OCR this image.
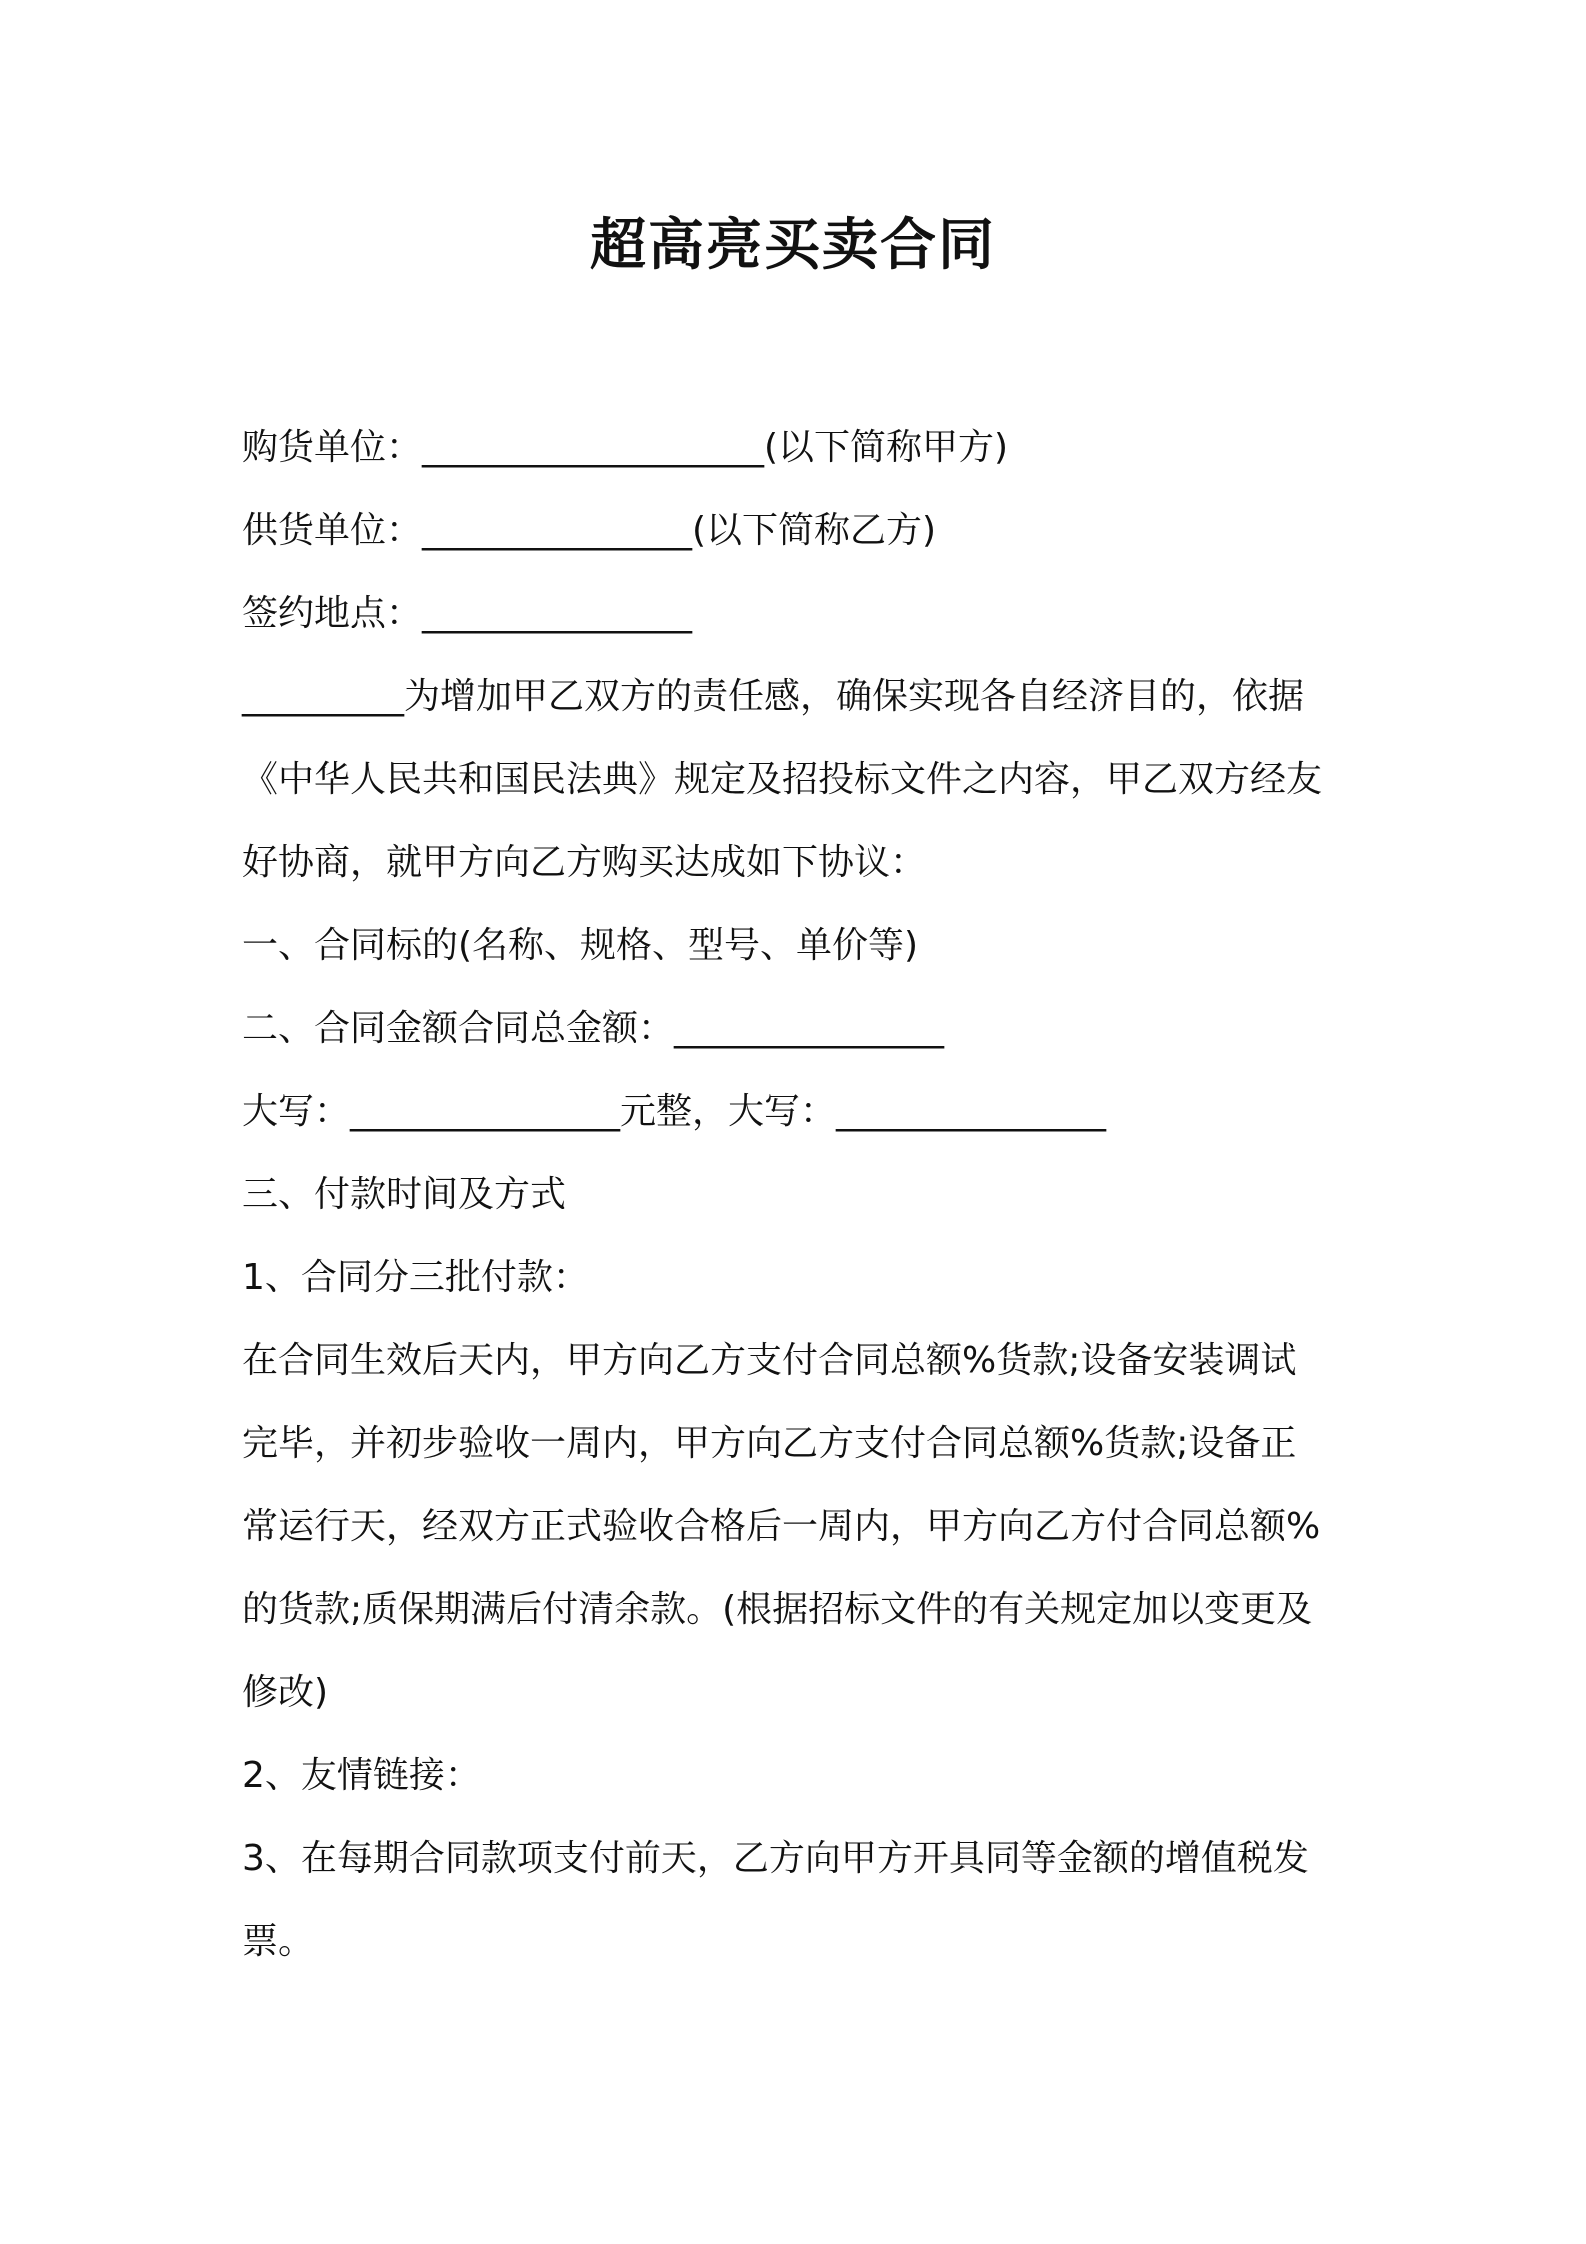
超高亮买卖合同

购货单位：___________________(以下简称甲方)

供货单位：_______________(以下简称乙方)

签约地点：_______________

_________为增加甲乙双方的责任感，确保实现各自经济目的，依据

《中华人民共和国民法典》规定及招投标文件之内容，甲乙双方经友

好协商，就甲方向乙方购买达成如下协议：

一、合同标的(名称、规格、型号、单价等)

二、合同金额合同总金额：_______________

大写：_______________元整，大写：_______________

三、付款时间及方式

1、合同分三批付款：

在合同生效后天内，甲方向乙方支付合同总额%货款;设备安装调试

完毕，并初步验收一周内，甲方向乙方支付合同总额%货款;设备正

常运行天，经双方正式验收合格后一周内，甲方向乙方付合同总额%

的货款;质保期满后付清余款。(根据招标文件的有关规定加以变更及

修改)

2、友情链接：

3、在每期合同款项支付前天，乙方向甲方开具同等金额的增值税发

票。
